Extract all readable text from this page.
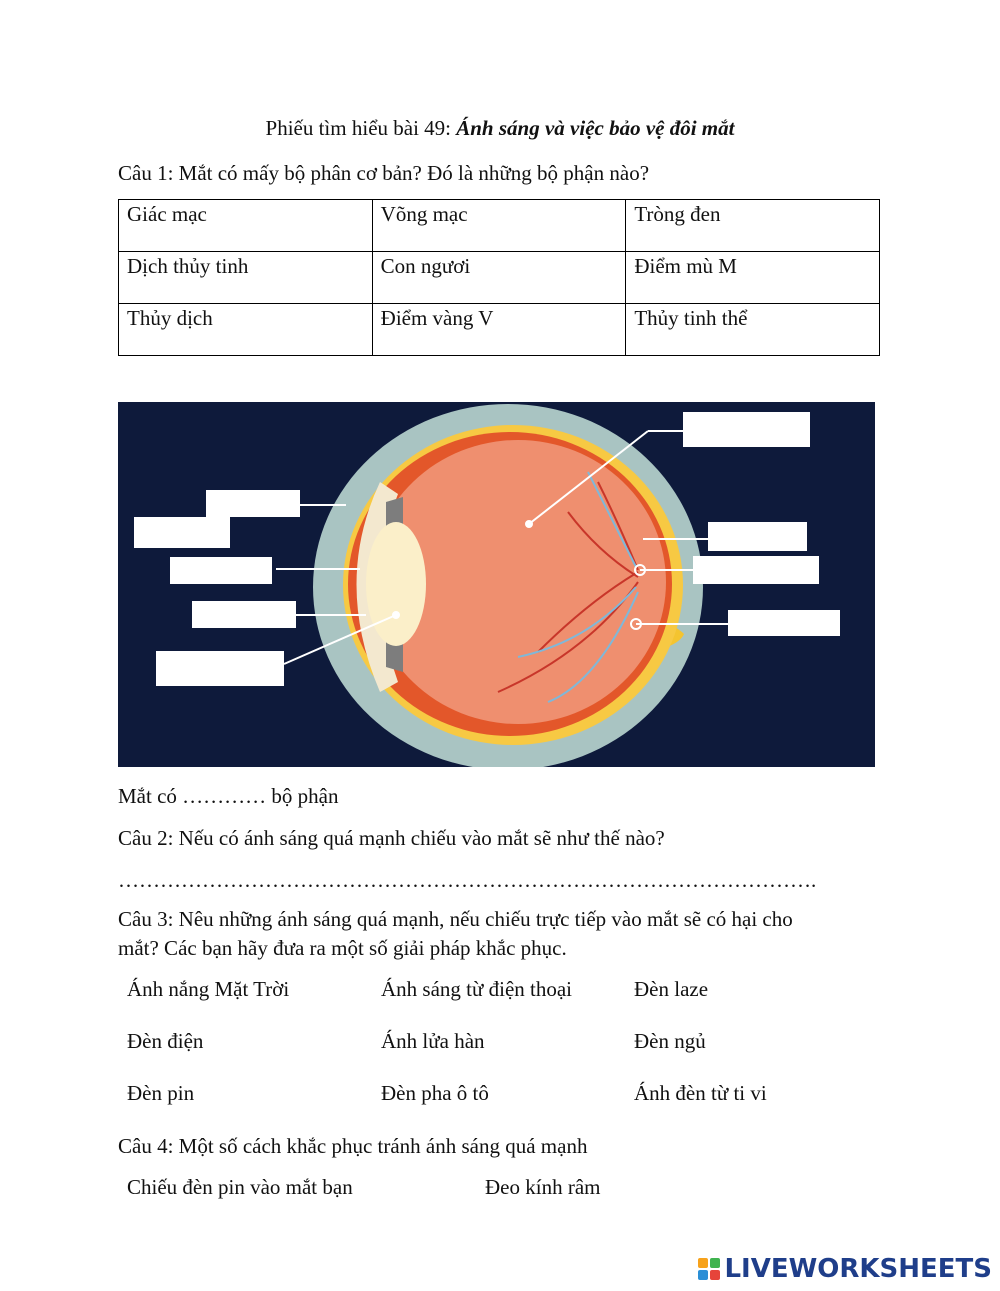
Phiếu tìm hiểu bài 49: Ánh sáng và việc bảo vệ đôi mắt
Câu 1: Mắt có mấy bộ phân cơ bản? Đó là những bộ phận nào?
Giác mạc	Võng mạc	Tròng đen
Dịch thủy tinh	Con ngươi	Điểm mù M
Thủy dịch	Điểm vàng V	Thủy tinh thể
Mắt có ………… bộ phận
Câu 2: Nếu có ánh sáng quá mạnh chiếu vào mắt sẽ như thế nào?
……………………………………………………………………………………….
Câu 3: Nêu những ánh sáng quá mạnh, nếu chiếu trực tiếp vào mắt sẽ có hại cho
mắt? Các bạn hãy đưa ra một số giải pháp khắc phục.
Ánh nắng Mặt Trời	Ánh sáng từ điện thoại	Đèn laze
Đèn điện	Ánh lửa hàn	Đèn ngủ
Đèn pin	Đèn pha ô tô	Ánh đèn từ ti vi
Câu 4: Một số cách khắc phục tránh ánh sáng quá mạnh
Chiếu đèn pin vào mắt bạn	Đeo kính râm
LIVEWORKSHEETS
